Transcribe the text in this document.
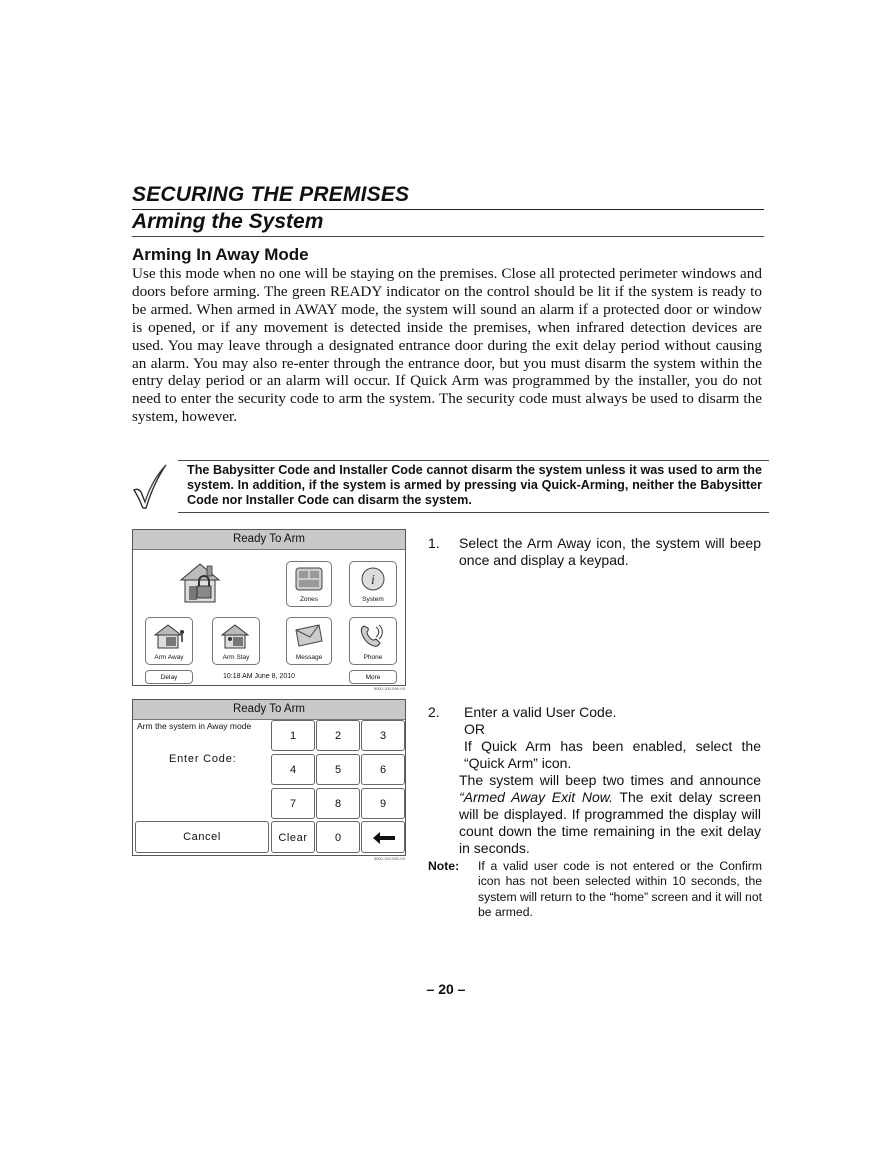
SECURING THE PREMISES
Arming the System
Arming In Away Mode
Use this mode when no one will be staying on the premises. Close all protected perimeter windows and doors before arming. The green READY indicator on the control should be lit if the system is ready to be armed. When armed in AWAY mode, the system will sound an alarm if a protected door or window is opened, or if any movement is detected inside the premises, when infrared detection devices are used. You may leave through a designated entrance door during the exit delay period without causing an alarm. You may also re-enter through the entrance door, but you must disarm the system within the entry delay period or an alarm will occur. If Quick Arm was programmed by the installer, you do not need to enter the security code to arm the system. The security code must always be used to disarm the system, however.
The Babysitter Code and Installer Code cannot disarm the system unless it was used to arm the system. In addition, if the system is armed by pressing via Quick-Arming, neither the Babysitter Code nor Installer Code can disarm the system.
Ready To Arm
Zones
i
System
Arm Away	Arm Stay	Message	Phone
Delay	10:18 AM June 8, 2010	More
5000-100-098-V0
Ready To Arm
Arm the system in Away mode
Enter Code:
1	2	3
4	5	6
7	8	9
Cancel	Clear	0
5000-100-053-V0
1. Select the Arm Away icon, the system will beep once and display a keypad.
2. Enter a valid User Code.
OR
If Quick Arm has been enabled, select the “Quick Arm” icon.
The system will beep two times and announce “Armed Away Exit Now. The exit delay screen will be displayed. If programmed the display will count down the time remaining in the exit delay in seconds.
Note: If a valid user code is not entered or the Confirm icon has not been selected within 10 seconds, the system will return to the “home” screen and it will not be armed.
– 20 –
